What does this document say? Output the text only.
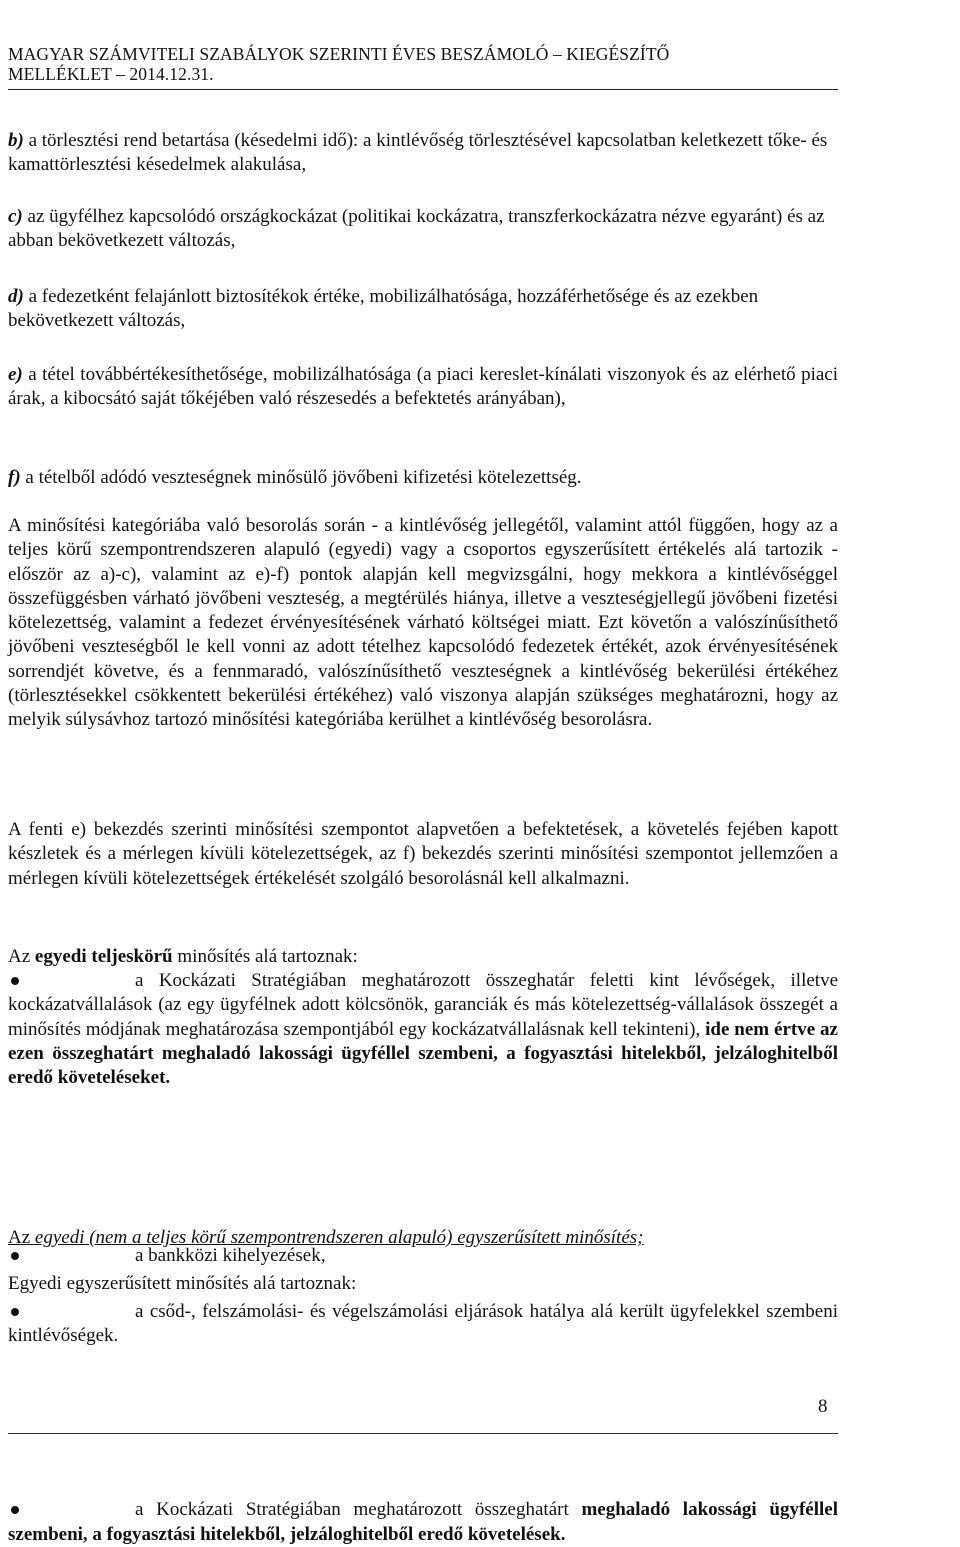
MAGYAR SZÁMVITELI SZABÁLYOK SZERINTI ÉVES BESZÁMOLÓ – KIEGÉSZÍTŐ
MELLÉKLET – 2014.12.31.

b) a törlesztési rend betartása (késedelmi idő): a kintlévőség törlesztésével kapcsolatban keletkezett tőke- és kamattörlesztési késedelmek alakulása,

c) az ügyfélhez kapcsolódó országkockázat (politikai kockázatra, transzferkockázatra nézve egyaránt) és az abban bekövetkezett változás,

d) a fedezetként felajánlott biztosítékok értéke, mobilizálhatósága, hozzáférhetősége és az ezekben bekövetkezett változás,

e) a tétel továbbértékesíthetősége, mobilizálhatósága (a piaci kereslet-kínálati viszonyok és az elérhető piaci árak, a kibocsátó saját tőkéjében való részesedés a befektetés arányában),

f) a tételből adódó veszteségnek minősülő jövőbeni kifizetési kötelezettség.

A minősítési kategóriába való besorolás során - a kintlévőség jellegétől, valamint attól függően, hogy az a teljes körű szempontrendszeren alapuló (egyedi) vagy a csoportos egyszerűsített értékelés alá tartozik - először az a)-c), valamint az e)-f) pontok alapján kell megvizsgálni, hogy mekkora a kintlévőséggel összefüggésben várható jövőbeni veszteség, a megtérülés hiánya, illetve a veszteségjellegű jövőbeni fizetési kötelezettség, valamint a fedezet érvényesítésének várható költségei miatt. Ezt követőn a valószínűsíthető jövőbeni veszteségből le kell vonni az adott tételhez kapcsolódó fedezetek értékét, azok érvényesítésének sorrendjét követve, és a fennmaradó, valószínűsíthető veszteségnek a kintlévőség bekerülési értékéhez (törlesztésekkel csökkentett bekerülési értékéhez) való viszonya alapján szükséges meghatározni, hogy az melyik súlysávhoz tartozó minősítési kategóriába kerülhet a kintlévőség besorolásra.

A fenti e) bekezdés szerinti minősítési szempontot alapvetően a befektetések, a követelés fejében kapott készletek és a mérlegen kívüli kötelezettségek, az f) bekezdés szerinti minősítési szempontot jellemzően a mérlegen kívüli kötelezettségek értékelését szolgáló besorolásnál kell alkalmazni.

Az egyedi teljeskörű minősítés alá tartoznak:

a Kockázati Stratégiában meghatározott összeghatár feletti kint lévőségek, illetve kockázatvállalások (az egy ügyfélnek adott kölcsönök, garanciák és más kötelezettség-vállalások összegét a minősítés módjának meghatározása szempontjából egy kockázatvállalásnak kell tekinteni), ide nem értve az ezen összeghatárt meghaladó lakossági ügyféllel szembeni, a fogyasztási hitelekből, jelzáloghitelből eredő követeléseket.
a bankközi kihelyezések,
a csőd-, felszámolási- és végelszámolási eljárások hatálya alá került ügyfelekkel szembeni kintlévőségek.

Az egyedi (nem a teljes körű szempontrendszeren alapuló) egyszerűsített minősítés;

Egyedi egyszerűsített minősítés alá tartoznak:

a Kockázati Stratégiában meghatározott összeghatárt meghaladó lakossági ügyféllel szembeni, a fogyasztási hitelekből, jelzáloghitelből eredő követelések.
8
